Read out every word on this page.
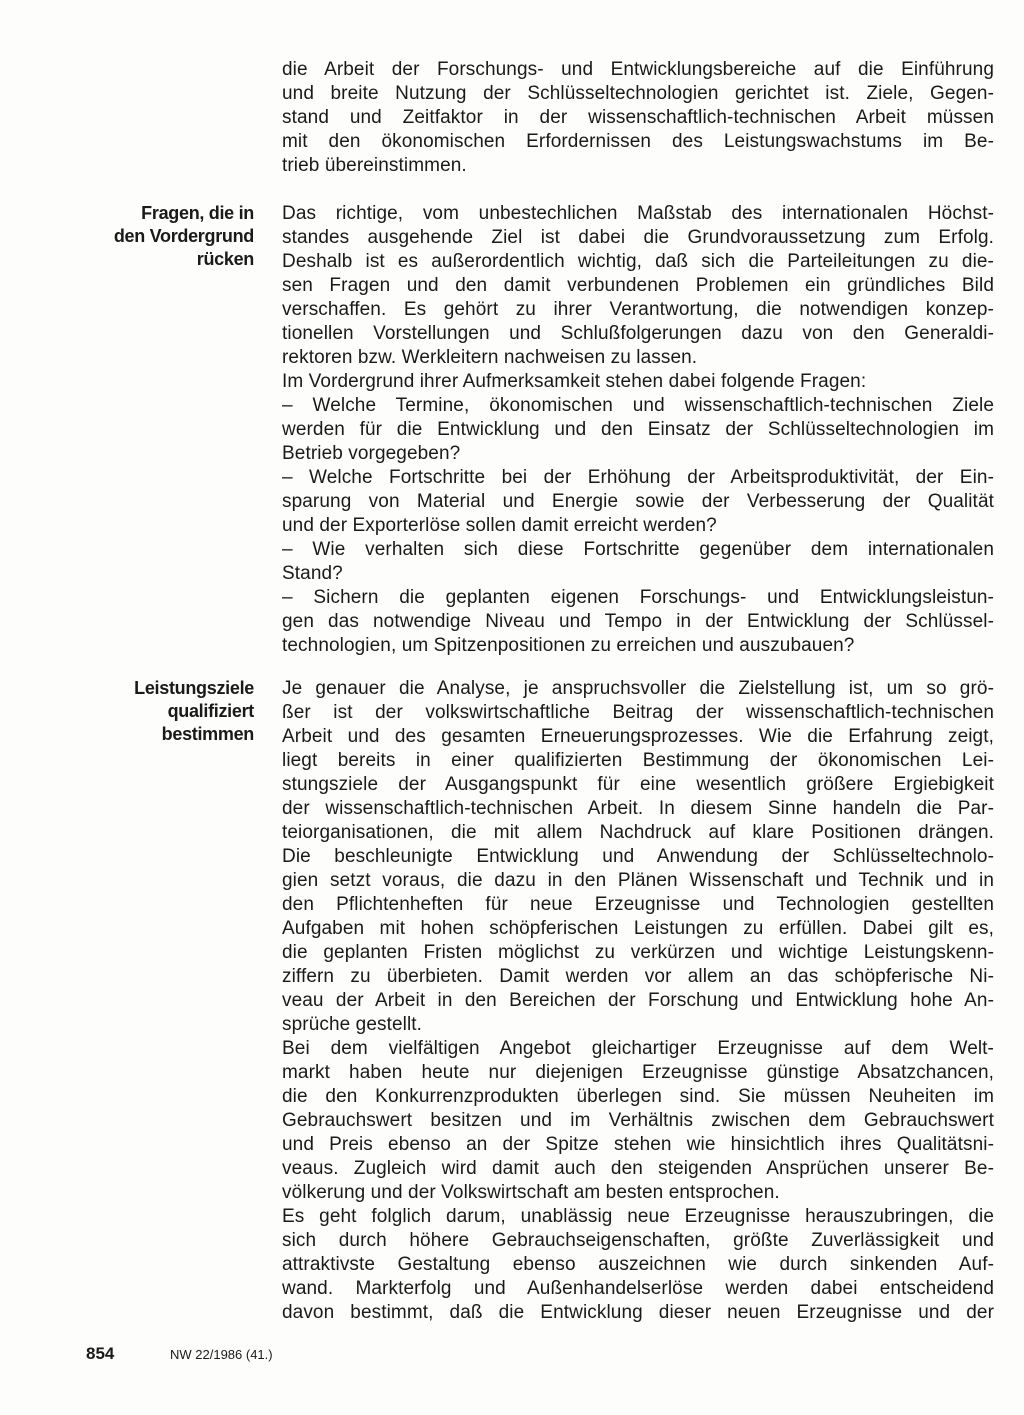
die Arbeit der Forschungs- und Entwicklungsbereiche auf die Einführung
und breite Nutzung der Schlüsseltechnologien gerichtet ist. Ziele, Gegen-
stand und Zeitfaktor in der wissenschaftlich-technischen Arbeit müssen
mit den ökonomischen Erfordernissen des Leistungswachstums im Be-
trieb übereinstimmen.
Fragen, die in
den Vordergrund
rücken
Das richtige, vom unbestechlichen Maßstab des internationalen Höchst-
standes ausgehende Ziel ist dabei die Grundvoraussetzung zum Erfolg.
Deshalb ist es außerordentlich wichtig, daß sich die Parteileitungen zu die-
sen Fragen und den damit verbundenen Problemen ein gründliches Bild
verschaffen. Es gehört zu ihrer Verantwortung, die notwendigen konzep-
tionellen Vorstellungen und Schlußfolgerungen dazu von den Generaldi-
rektoren bzw. Werkleitern nachweisen zu lassen.
Im Vordergrund ihrer Aufmerksamkeit stehen dabei folgende Fragen:
– Welche Termine, ökonomischen und wissenschaftlich-technischen Ziele
werden für die Entwicklung und den Einsatz der Schlüsseltechnologien im
Betrieb vorgegeben?
– Welche Fortschritte bei der Erhöhung der Arbeitsproduktivität, der Ein-
sparung von Material und Energie sowie der Verbesserung der Qualität
und der Exporterlöse sollen damit erreicht werden?
– Wie verhalten sich diese Fortschritte gegenüber dem internationalen
Stand?
– Sichern die geplanten eigenen Forschungs- und Entwicklungsleistun-
gen das notwendige Niveau und Tempo in der Entwicklung der Schlüssel-
technologien, um Spitzenpositionen zu erreichen und auszubauen?
Leistungsziele
qualifiziert
bestimmen
Je genauer die Analyse, je anspruchsvoller die Zielstellung ist, um so grö-
ßer ist der volkswirtschaftliche Beitrag der wissenschaftlich-technischen
Arbeit und des gesamten Erneuerungsprozesses. Wie die Erfahrung zeigt,
liegt bereits in einer qualifizierten Bestimmung der ökonomischen Lei-
stungsziele der Ausgangspunkt für eine wesentlich größere Ergiebigkeit
der wissenschaftlich-technischen Arbeit. In diesem Sinne handeln die Par-
teiorganisationen, die mit allem Nachdruck auf klare Positionen drängen.
Die beschleunigte Entwicklung und Anwendung der Schlüsseltechnolo-
gien setzt voraus, die dazu in den Plänen Wissenschaft und Technik und in
den Pflichtenheften für neue Erzeugnisse und Technologien gestellten
Aufgaben mit hohen schöpferischen Leistungen zu erfüllen. Dabei gilt es,
die geplanten Fristen möglichst zu verkürzen und wichtige Leistungskenn-
ziffern zu überbieten. Damit werden vor allem an das schöpferische Ni-
veau der Arbeit in den Bereichen der Forschung und Entwicklung hohe An-
sprüche gestellt.
Bei dem vielfältigen Angebot gleichartiger Erzeugnisse auf dem Welt-
markt haben heute nur diejenigen Erzeugnisse günstige Absatzchancen,
die den Konkurrenzprodukten überlegen sind. Sie müssen Neuheiten im
Gebrauchswert besitzen und im Verhältnis zwischen dem Gebrauchswert
und Preis ebenso an der Spitze stehen wie hinsichtlich ihres Qualitätsni-
veaus. Zugleich wird damit auch den steigenden Ansprüchen unserer Be-
völkerung und der Volkswirtschaft am besten entsprochen.
Es geht folglich darum, unablässig neue Erzeugnisse herauszubringen, die
sich durch höhere Gebrauchseigenschaften, größte Zuverlässigkeit und
attraktivste Gestaltung ebenso auszeichnen wie durch sinkenden Auf-
wand. Markterfolg und Außenhandelserlöse werden dabei entscheidend
davon bestimmt, daß die Entwicklung dieser neuen Erzeugnisse und der
854	NW 22/1986 (41.)
